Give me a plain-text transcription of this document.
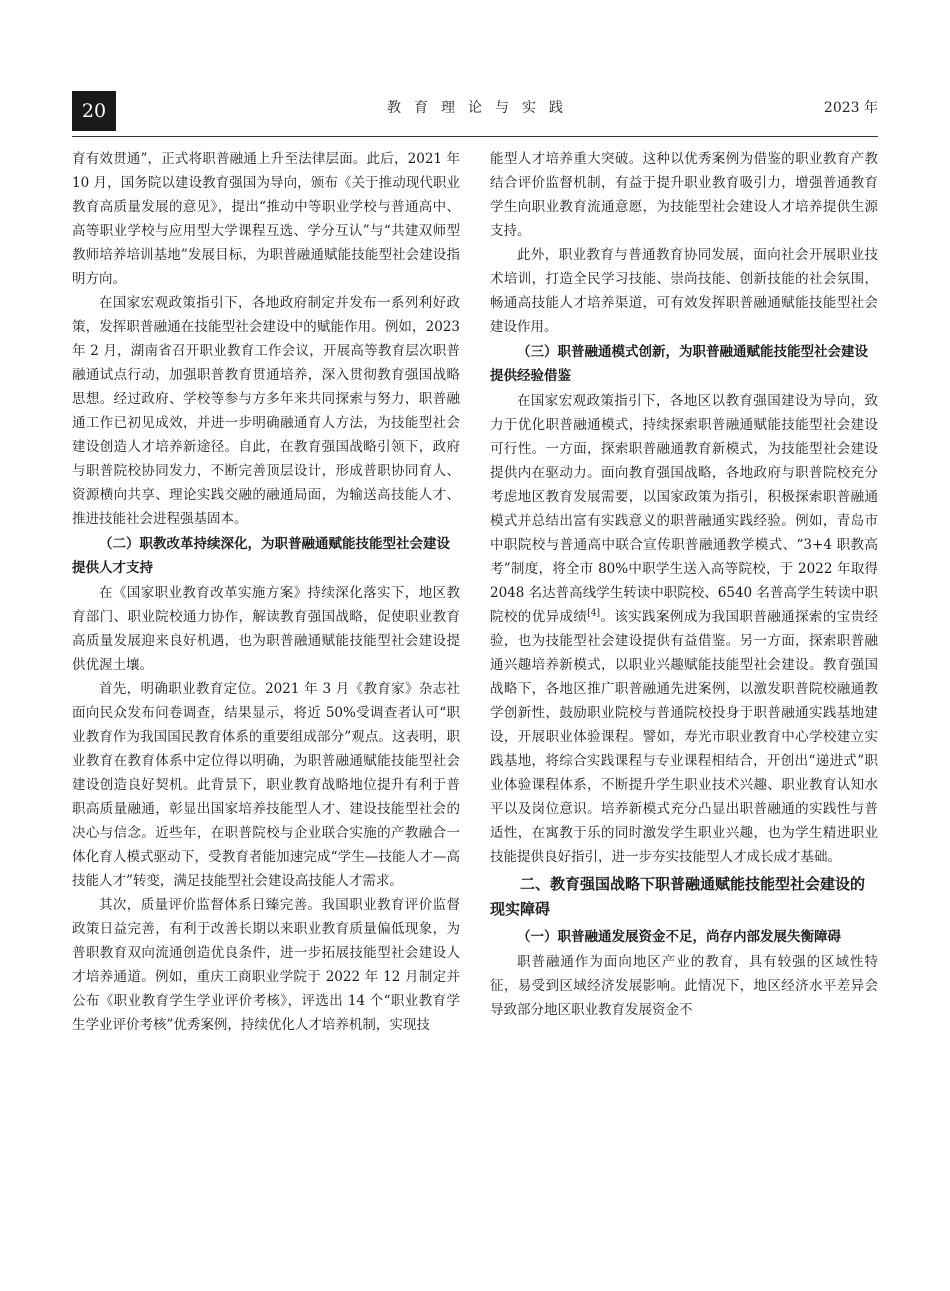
20	教育理论与实践	2023 年

育有效贯通”，正式将职普融通上升至法律层面。此后，2021 年 10 月，国务院以建设教育强国为导向，颁布《关于推动现代职业教育高质量发展的意见》，提出“推动中等职业学校与普通高中、高等职业学校与应用型大学课程互选、学分互认”与“共建双师型教师培养培训基地”发展目标，为职普融通赋能技能型社会建设指明方向。

在国家宏观政策指引下，各地政府制定并发布一系列利好政策，发挥职普融通在技能型社会建设中的赋能作用。例如，2023 年 2 月，湖南省召开职业教育工作会议，开展高等教育层次职普融通试点行动，加强职普教育贯通培养，深入贯彻教育强国战略思想。经过政府、学校等参与方多年来共同探索与努力，职普融通工作已初见成效，并进一步明确融通育人方法，为技能型社会建设创造人才培养新途径。自此，在教育强国战略引领下，政府与职普院校协同发力，不断完善顶层设计，形成普职协同育人、资源横向共享、理论实践交融的融通局面，为输送高技能人才、推进技能社会进程强基固本。

（二）职教改革持续深化，为职普融通赋能技能型社会建设提供人才支持

在《国家职业教育改革实施方案》持续深化落实下，地区教育部门、职业院校通力协作，解读教育强国战略，促使职业教育高质量发展迎来良好机遇，也为职普融通赋能技能型社会建设提供优渥土壤。

首先，明确职业教育定位。2021 年 3 月《教育家》杂志社面向民众发布问卷调查，结果显示，将近 50%受调查者认可“职业教育作为我国国民教育体系的重要组成部分”观点。这表明，职业教育在教育体系中定位得以明确，为职普融通赋能技能型社会建设创造良好契机。此背景下，职业教育战略地位提升有利于普职高质量融通，彰显出国家培养技能型人才、建设技能型社会的决心与信念。近些年，在职普院校与企业联合实施的产教融合一体化育人模式驱动下，受教育者能加速完成“学生—技能人才—高技能人才”转变，满足技能型社会建设高技能人才需求。

其次，质量评价监督体系日臻完善。我国职业教育评价监督政策日益完善，有利于改善长期以来职业教育质量偏低现象，为普职教育双向流通创造优良条件，进一步拓展技能型社会建设人才培养通道。例如，重庆工商职业学院于 2022 年 12 月制定并公布《职业教育学生学业评价考核》，评选出 14 个“职业教育学生学业评价考核”优秀案例，持续优化人才培养机制，实现技

能型人才培养重大突破。这种以优秀案例为借鉴的职业教育产教结合评价监督机制，有益于提升职业教育吸引力，增强普通教育学生向职业教育流通意愿，为技能型社会建设人才培养提供生源支持。

此外，职业教育与普通教育协同发展，面向社会开展职业技术培训，打造全民学习技能、崇尚技能、创新技能的社会氛围，畅通高技能人才培养渠道，可有效发挥职普融通赋能技能型社会建设作用。

（三）职普融通模式创新，为职普融通赋能技能型社会建设提供经验借鉴

在国家宏观政策指引下，各地区以教育强国建设为导向，致力于优化职普融通模式，持续探索职普融通赋能技能型社会建设可行性。一方面，探索职普融通教育新模式，为技能型社会建设提供内在驱动力。面向教育强国战略，各地政府与职普院校充分考虑地区教育发展需要，以国家政策为指引，积极探索职普融通模式并总结出富有实践意义的职普融通实践经验。例如，青岛市中职院校与普通高中联合宣传职普融通教学模式、“3+4 职教高考”制度，将全市 80%中职学生送入高等院校，于 2022 年取得 2048 名达普高线学生转读中职院校、6540 名普高学生转读中职院校的优异成绩[4]。该实践案例成为我国职普融通探索的宝贵经验，也为技能型社会建设提供有益借鉴。另一方面，探索职普融通兴趣培养新模式，以职业兴趣赋能技能型社会建设。教育强国战略下，各地区推广职普融通先进案例，以激发职普院校融通教学创新性，鼓励职业院校与普通院校投身于职普融通实践基地建设，开展职业体验课程。譬如，寿光市职业教育中心学校建立实践基地，将综合实践课程与专业课程相结合，开创出“递进式”职业体验课程体系，不断提升学生职业技术兴趣、职业教育认知水平以及岗位意识。培养新模式充分凸显出职普融通的实践性与普适性，在寓教于乐的同时激发学生职业兴趣，也为学生精进职业技能提供良好指引，进一步夯实技能型人才成长成才基础。

二、教育强国战略下职普融通赋能技能型社会建设的现实障碍
（一）职普融通发展资金不足，尚存内部发展失衡障碍

职普融通作为面向地区产业的教育，具有较强的区域性特征，易受到区域经济发展影响。此情况下，地区经济水平差异会导致部分地区职业教育发展资金不
